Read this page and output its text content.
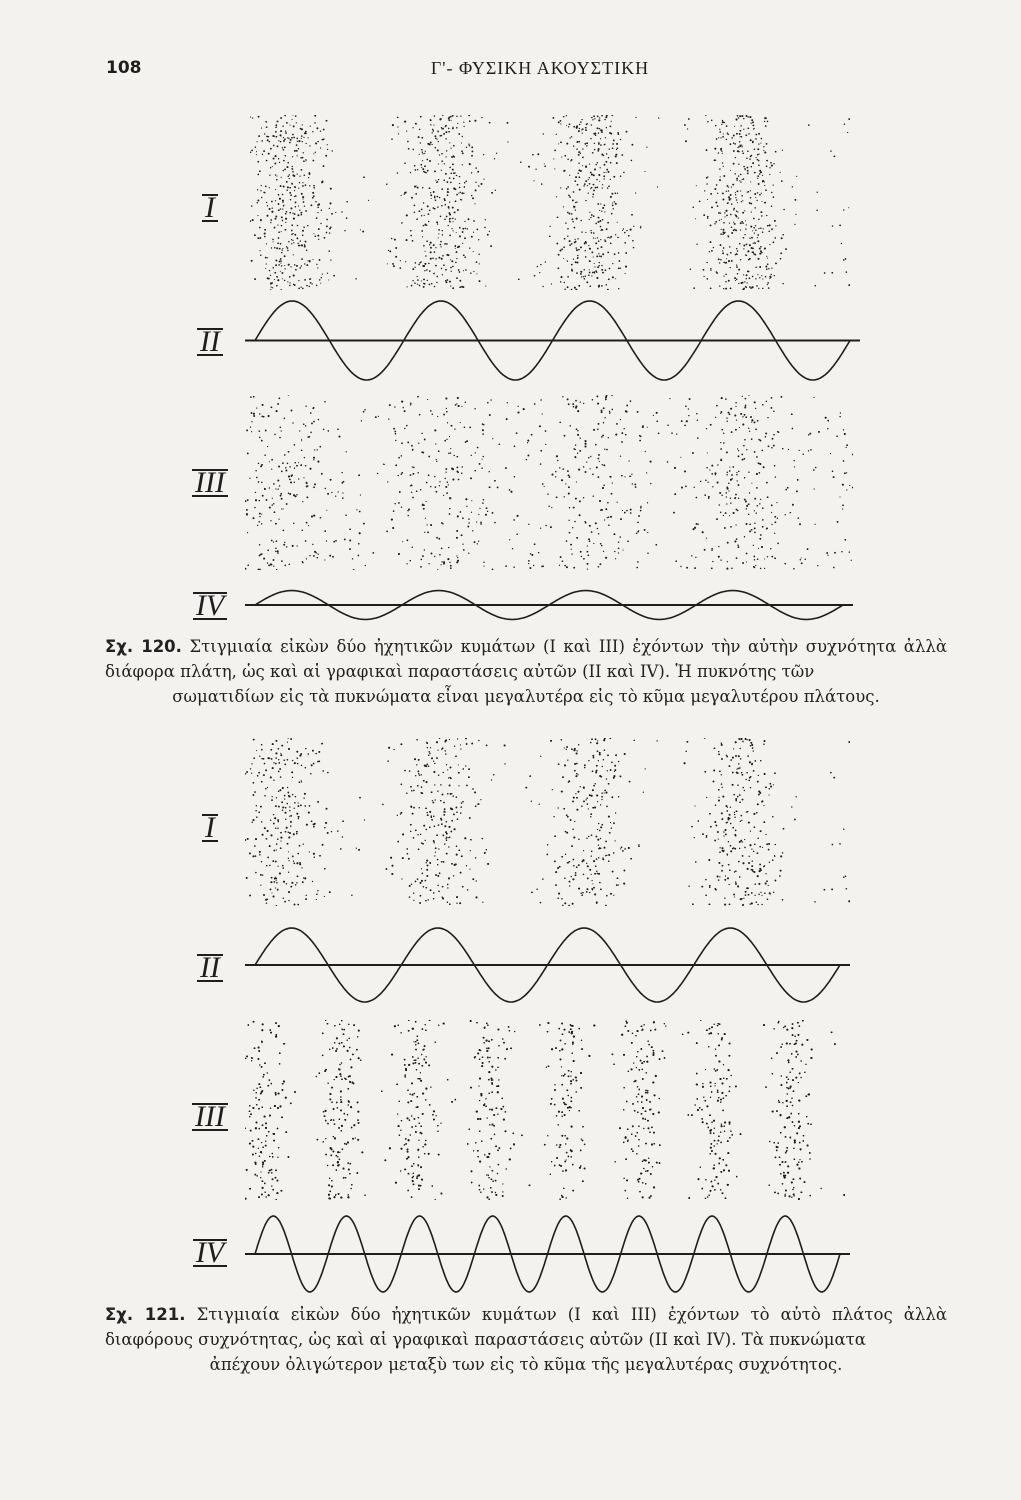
108	Γ'- ΦΥΣΙΚΗ ΑΚΟΥΣΤΙΚΗ
I
II
III
IV
Σχ. 120. Στιγμιαία εἰκὼν δύο ἠχητικῶν κυμάτων (Ι καὶ ΙΙΙ) ἐχόντων τὴν αὐτὴν συχνότητα ἀλλὰ διάφορα πλάτη, ὡς καὶ αἱ γραφικαὶ παραστάσεις αὐτῶν (ΙΙ καὶ IV). Ἡ πυκνότης τῶν
σωματιδίων εἰς τὰ πυκνώματα εἶναι μεγαλυτέρα εἰς τὸ κῦμα μεγαλυτέρου πλάτους.
I
II
III
IV
Σχ. 121. Στιγμιαία εἰκὼν δύο ἠχητικῶν κυμάτων (Ι καὶ ΙΙΙ) ἐχόντων τὸ αὐτὸ πλάτος ἀλλὰ διαφόρους συχνότητας, ὡς καὶ αἱ γραφικαὶ παραστάσεις αὐτῶν (ΙΙ καὶ IV). Τὰ πυκνώματα
ἀπέχουν ὀλιγώτερον μεταξὺ των εἰς τὸ κῦμα τῆς μεγαλυτέρας συχνότητος.
